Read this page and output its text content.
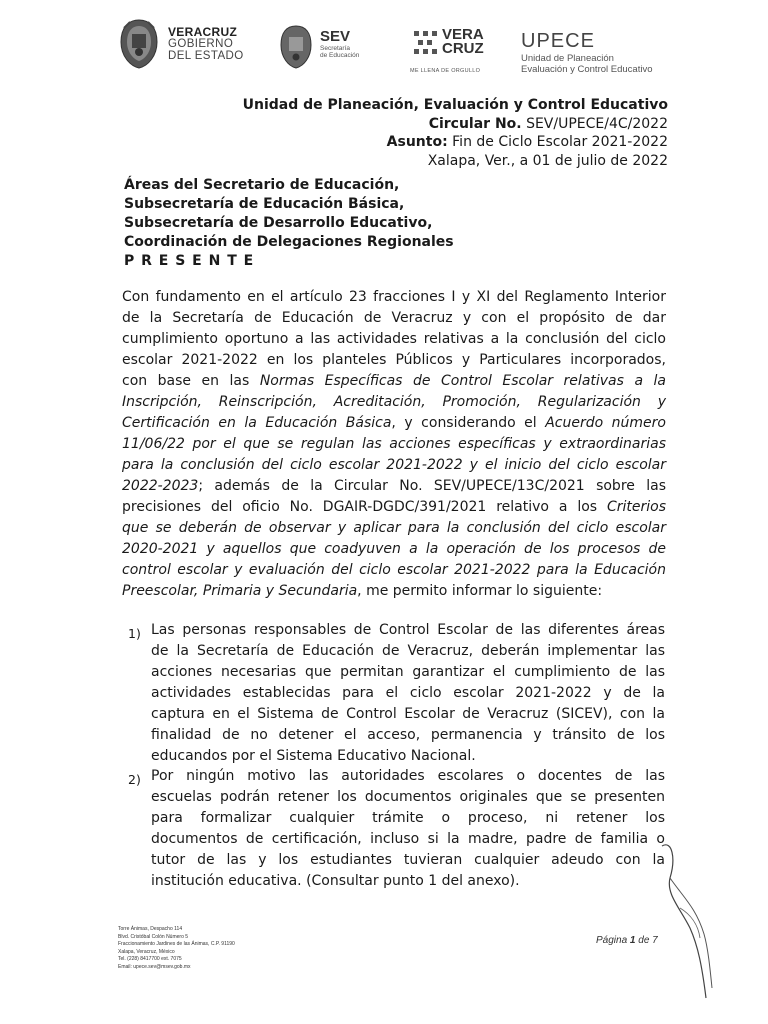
VERACRUZ
GOBIERNO
DEL ESTADO
SEV
Secretaría
de Educación
VERA
CRUZ
ME LLENA DE ORGULLO
UPECE
Unidad de Planeación
Evaluación y Control Educativo
Unidad de Planeación, Evaluación y Control Educativo
Circular No. SEV/UPECE/4C/2022
Asunto: Fin de Ciclo Escolar 2021-2022
Xalapa, Ver., a 01 de julio de 2022
Áreas del Secretario de Educación,
Subsecretaría de Educación Básica,
Subsecretaría de Desarrollo Educativo,
Coordinación de Delegaciones Regionales
P R E S E N T E
Con fundamento en el artículo 23 fracciones I y XI del Reglamento Interior
de la Secretaría de Educación de Veracruz y con el propósito de dar
cumplimiento oportuno a las actividades relativas a la conclusión del ciclo
escolar 2021-2022 en los planteles Públicos y Particulares incorporados,
con base en las Normas Específicas de Control Escolar relativas a la
Inscripción, Reinscripción, Acreditación, Promoción, Regularización y
Certificación en la Educación Básica, y considerando el Acuerdo número
11/06/22 por el que se regulan las acciones específicas y extraordinarias
para la conclusión del ciclo escolar 2021-2022 y el inicio del ciclo escolar
2022-2023; además de la Circular No. SEV/UPECE/13C/2021 sobre las
precisiones del oficio No. DGAIR-DGDC/391/2021 relativo a los Criterios
que se deberán de observar y aplicar para la conclusión del ciclo escolar
2020-2021 y aquellos que coadyuven a la operación de los procesos de
control escolar y evaluación del ciclo escolar 2021-2022 para la Educación
Preescolar, Primaria y Secundaria, me permito informar lo siguiente:
1) Las personas responsables de Control Escolar de las diferentes áreas
de la Secretaría de Educación de Veracruz, deberán implementar las
acciones necesarias que permitan garantizar el cumplimiento de las
actividades establecidas para el ciclo escolar 2021-2022 y de la
captura en el Sistema de Control Escolar de Veracruz (SICEV), con la
finalidad de no detener el acceso, permanencia y tránsito de los
educandos por el Sistema Educativo Nacional.
2) Por ningún motivo las autoridades escolares o docentes de las
escuelas podrán retener los documentos originales que se presenten
para formalizar cualquier trámite o proceso, ni retener los
documentos de certificación, incluso si la madre, padre de familia o
tutor de las y los estudiantes tuvieran cualquier adeudo con la
institución educativa. (Consultar punto 1 del anexo).
Torre Ánimas, Despacho 114
Blvd. Cristóbal Colón Número 5
Fraccionamiento Jardines de las Ánimas, C.P. 91190
Xalapa, Veracruz, México
Tel. (228) 8417700 ext. 7075
Email: upece.sev@msev.gob.mx
Página 1 de 7
